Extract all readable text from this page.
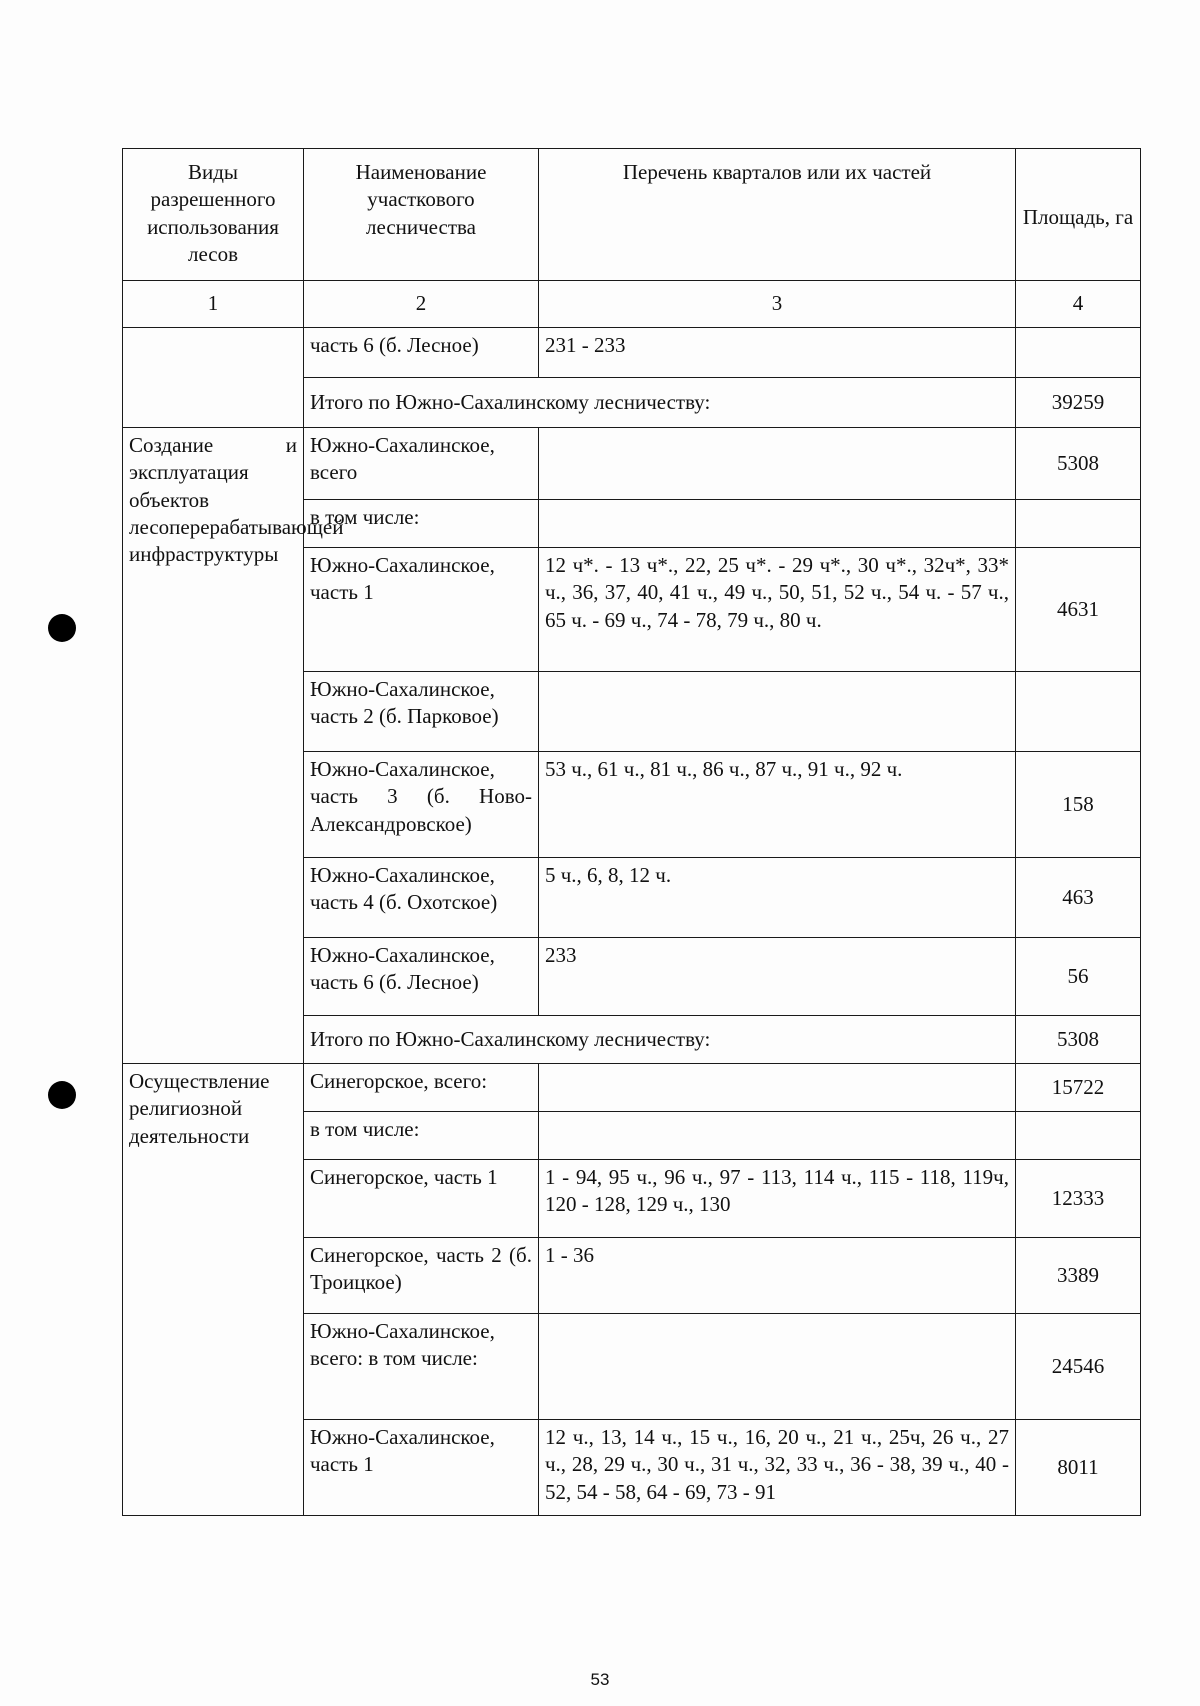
Виды разрешенного использования лесов	Наименование участкового лесничества	Перечень кварталов или их частей	Площадь, га
1	2	3	4
	часть 6 (б. Лесное)	231 - 233	
	Итого по Южно-Сахалинскому лесничеству:		39259
Создание и эксплуатация объектов лесоперерабатывающей инфраструктуры	Южно-Сахалинское, всего		5308
	в том числе:		
	Южно-Сахалинское, часть 1	12 ч*. - 13 ч*., 22, 25 ч*. - 29 ч*., 30 ч*., 32ч*, 33* ч., 36, 37, 40, 41 ч., 49 ч., 50, 51, 52 ч., 54 ч. - 57 ч., 65 ч. - 69 ч., 74 - 78, 79 ч., 80 ч.	4631
	Южно-Сахалинское, часть 2 (б. Парковое)		
	Южно-Сахалинское, часть 3 (б. Ново-Александровское)	53 ч., 61 ч., 81 ч., 86 ч., 87 ч., 91 ч., 92 ч.	158
	Южно-Сахалинское, часть 4 (б. Охотское)	5 ч., 6, 8, 12 ч.	463
	Южно-Сахалинское, часть 6 (б. Лесное)	233	56
	Итого по Южно-Сахалинскому лесничеству:		5308
Осуществление религиозной деятельности	Синегорское, всего:		15722
	в том числе:		
	Синегорское, часть 1	1 - 94, 95 ч., 96 ч., 97 - 113, 114 ч., 115 - 118, 119ч, 120 - 128, 129 ч., 130	12333
	Синегорское, часть 2 (б. Троицкое)	1 - 36	3389
	Южно-Сахалинское, всего: в том числе:		24546
	Южно-Сахалинское, часть 1	12 ч., 13, 14 ч., 15 ч., 16, 20 ч., 21 ч., 25ч, 26 ч., 27 ч., 28, 29 ч., 30 ч., 31 ч., 32, 33 ч., 36 - 38, 39 ч., 40 - 52, 54 - 58, 64 - 69, 73 - 91	8011
53
